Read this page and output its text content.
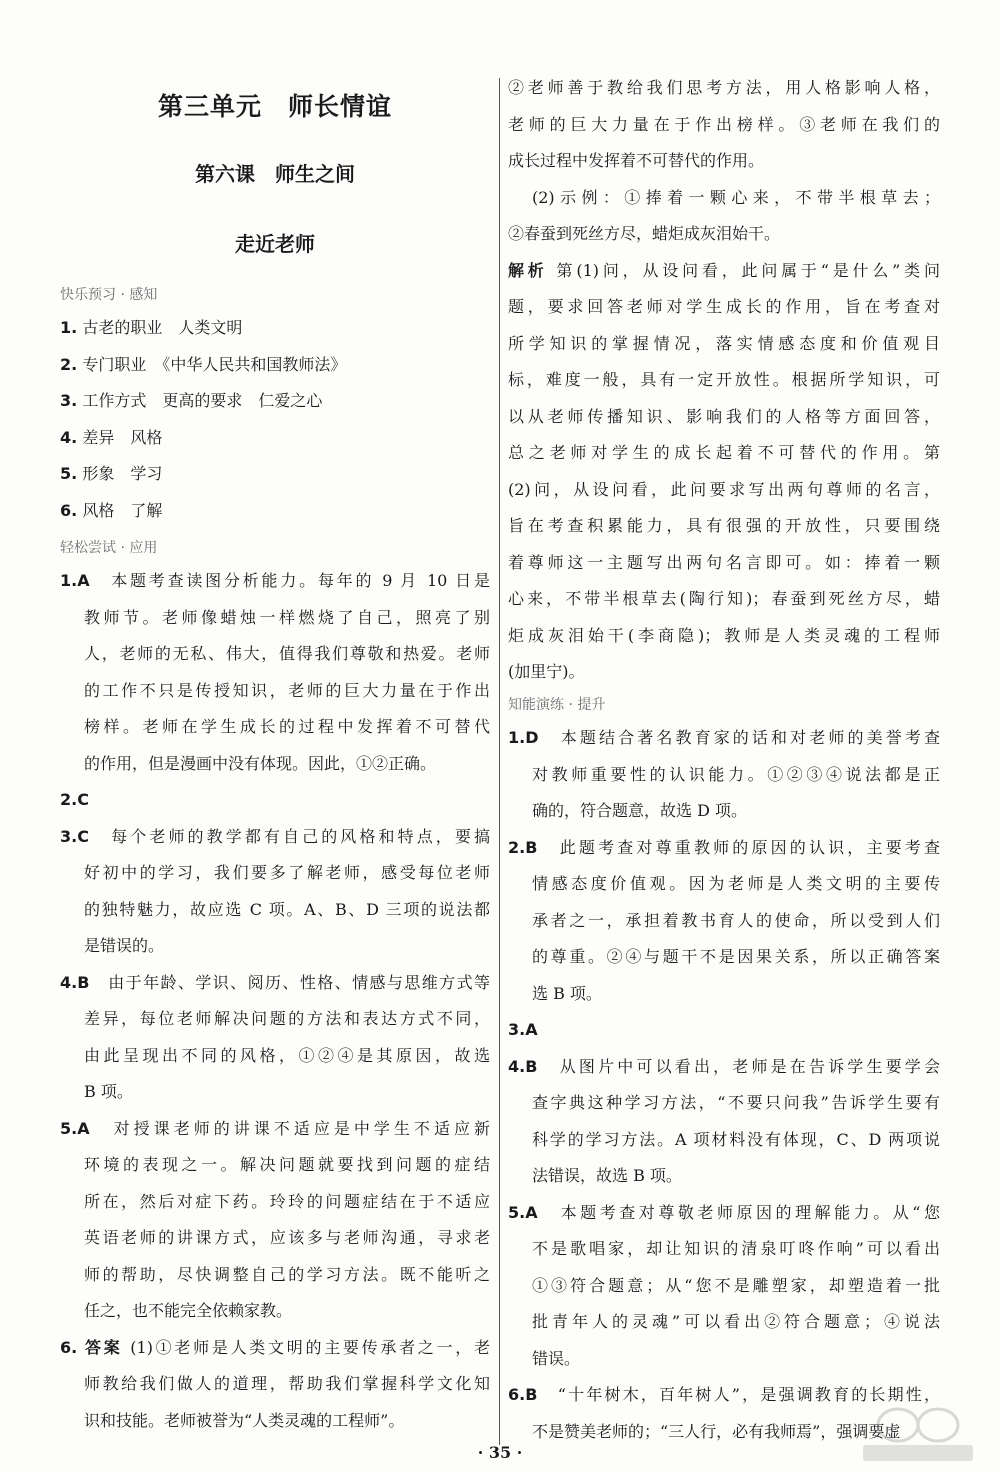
第三单元　师长情谊
第六课　师生之间
走近老师
快乐预习 · 感知
1. 古老的职业　人类文明
2. 专门职业　《中华人民共和国教师法》
3. 工作方式　更高的要求　仁爱之心
4. 差异　风格
5. 形象　学习
6. 风格　了解
轻松尝试 · 应用
1.A　 本题考查读图分析能力。每年的 9 月 10 日是
教师节。老师像蜡烛一样燃烧了自己，照亮了别
人，老师的无私、伟大，值得我们尊敬和热爱。老师
的工作不只是传授知识，老师的巨大力量在于作出
榜样。老师在学生成长的过程中发挥着不可替代
的作用，但是漫画中没有体现。因此，①②正确。
2.C
3.C　 每个老师的教学都有自己的风格和特点，要搞
好初中的学习，我们要多了解老师，感受每位老师
的独特魅力，故应选 C 项。A、B、D 三项的说法都
是错误的。
4.B　 由于年龄、学识、阅历、性格、情感与思维方式等
差异，每位老师解决问题的方法和表达方式不同，
由此呈现出不同的风格，①②④是其原因，故选
B 项。
5.A　 对授课老师的讲课不适应是中学生不适应新
环境的表现之一。解决问题就要找到问题的症结
所在，然后对症下药。玲玲的问题症结在于不适应
英语老师的讲课方式，应该多与老师沟通，寻求老
师的帮助，尽快调整自己的学习方法。既不能听之
任之，也不能完全依赖家教。
6. 答案 (1)①老师是人类文明的主要传承者之一，老
师教给我们做人的道理，帮助我们掌握科学文化知
识和技能。老师被誉为“人类灵魂的工程师”。
②老师善于教给我们思考方法，用人格影响人格，
老师的巨大力量在于作出榜样。③老师在我们的
成长过程中发挥着不可替代的作用。
(2)示例：①捧着一颗心来，不带半根草去；
②春蚕到死丝方尽，蜡炬成灰泪始干。
解析 第(1)问，从设问看，此问属于“是什么”类问
题，要求回答老师对学生成长的作用，旨在考查对
所学知识的掌握情况，落实情感态度和价值观目
标，难度一般，具有一定开放性。根据所学知识，可
以从老师传播知识、影响我们的人格等方面回答，
总之老师对学生的成长起着不可替代的作用。第
(2)问，从设问看，此问要求写出两句尊师的名言，
旨在考查积累能力，具有很强的开放性，只要围绕
着尊师这一主题写出两句名言即可。如：捧着一颗
心来，不带半根草去(陶行知)；春蚕到死丝方尽，蜡
炬成灰泪始干(李商隐)；教师是人类灵魂的工程师
(加里宁)。
知能演练 · 提升
1.D　 本题结合著名教育家的话和对老师的美誉考查
对教师重要性的认识能力。①②③④说法都是正
确的，符合题意，故选 D 项。
2.B　 此题考查对尊重教师的原因的认识，主要考查
情感态度价值观。因为老师是人类文明的主要传
承者之一，承担着教书育人的使命，所以受到人们
的尊重。②④与题干不是因果关系，所以正确答案
选 B 项。
3.A
4.B　 从图片中可以看出，老师是在告诉学生要学会
查字典这种学习方法，“不要只问我”告诉学生要有
科学的学习方法。A 项材料没有体现，C、D 两项说
法错误，故选 B 项。
5.A　 本题考查对尊敬老师原因的理解能力。从“您
不是歌唱家，却让知识的清泉叮咚作响”可以看出
①③符合题意；从“您不是雕塑家，却塑造着一批
批青年人的灵魂”可以看出②符合题意；④说法
错误。
6.B　 “十年树木，百年树人”，是强调教育的长期性，
不是赞美老师的；“三人行，必有我师焉”，强调要虚
· 35 ·
